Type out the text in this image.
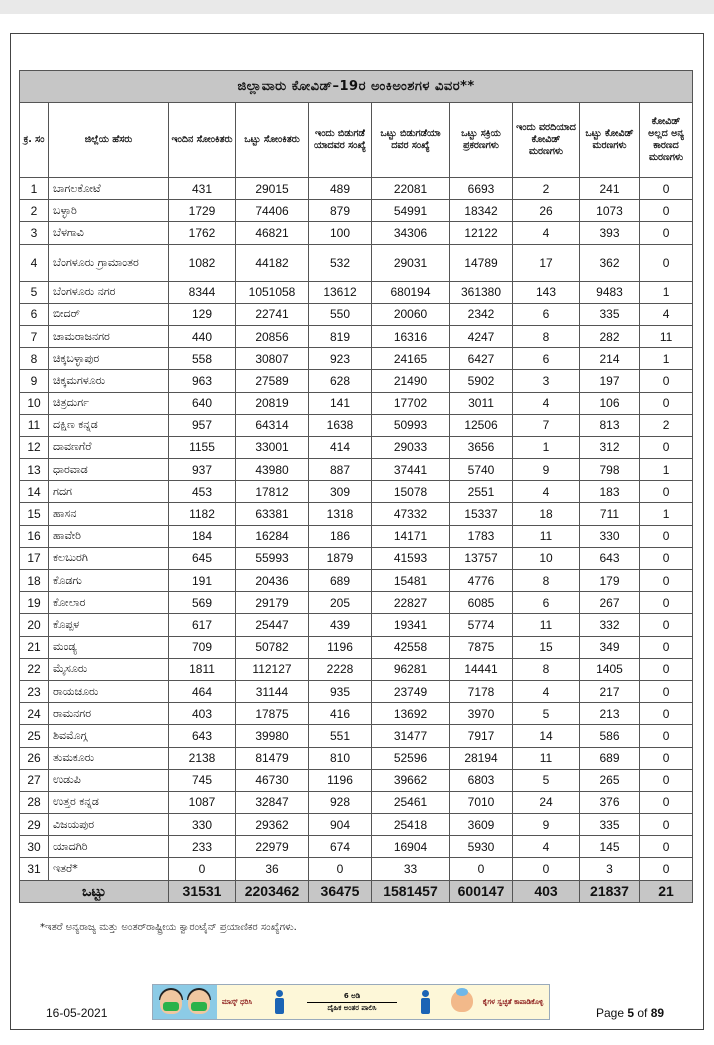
ಜಿಲ್ಲಾವಾರು ಕೋವಿಡ್‌–19ರ ಅಂಕಿಅಂಶಗಳ ವಿವರ**									
ಕ್ರ. ಸಂ	ಜಿಲ್ಲೆಯ ಹೆಸರು	ಇಂದಿನ ಸೋಂಕಿತರು	ಒಟ್ಟು ಸೋಂಕಿತರು	ಇಂದು ಬಿಡುಗಡೆ ಯಾದವರ ಸಂಖ್ಯೆ	ಒಟ್ಟು ಬಿಡುಗಡೆಯಾ ದವರ ಸಂಖ್ಯೆ	ಒಟ್ಟು ಸಕ್ರಿಯ ಪ್ರಕರಣಗಳು	ಇಂದು ವರದಿಯಾದ ಕೋವಿಡ್ ಮರಣಗಳು	ಒಟ್ಟು ಕೋವಿಡ್ ಮರಣಗಳು	ಕೋವಿಡ್ ಅಲ್ಲದ ಅನ್ಯ ಕಾರಣದ ಮರಣಗಳು
1	ಬಾಗಲಕೋಟೆ	431	29015	489	22081	6693	2	241	0
2	ಬಳ್ಳಾರಿ	1729	74406	879	54991	18342	26	1073	0
3	ಬೆಳಗಾವಿ	1762	46821	100	34306	12122	4	393	0
4	ಬೆಂಗಳೂರು ಗ್ರಾಮಾಂತರ	1082	44182	532	29031	14789	17	362	0
5	ಬೆಂಗಳೂರು ನಗರ	8344	1051058	13612	680194	361380	143	9483	1
6	ಬೀದರ್	129	22741	550	20060	2342	6	335	4
7	ಚಾಮರಾಜನಗರ	440	20856	819	16316	4247	8	282	11
8	ಚಿಕ್ಕಬಳ್ಳಾಪುರ	558	30807	923	24165	6427	6	214	1
9	ಚಿಕ್ಕಮಗಳೂರು	963	27589	628	21490	5902	3	197	0
10	ಚಿತ್ರದುರ್ಗ	640	20819	141	17702	3011	4	106	0
11	ದಕ್ಷಿಣ ಕನ್ನಡ	957	64314	1638	50993	12506	7	813	2
12	ದಾವಣಗೆರೆ	1155	33001	414	29033	3656	1	312	0
13	ಧಾರವಾಡ	937	43980	887	37441	5740	9	798	1
14	ಗದಗ	453	17812	309	15078	2551	4	183	0
15	ಹಾಸನ	1182	63381	1318	47332	15337	18	711	1
16	ಹಾವೇರಿ	184	16284	186	14171	1783	11	330	0
17	ಕಲಬುರಗಿ	645	55993	1879	41593	13757	10	643	0
18	ಕೊಡಗು	191	20436	689	15481	4776	8	179	0
19	ಕೋಲಾರ	569	29179	205	22827	6085	6	267	0
20	ಕೊಪ್ಪಳ	617	25447	439	19341	5774	11	332	0
21	ಮಂಡ್ಯ	709	50782	1196	42558	7875	15	349	0
22	ಮೈಸೂರು	1811	112127	2228	96281	14441	8	1405	0
23	ರಾಯಚೂರು	464	31144	935	23749	7178	4	217	0
24	ರಾಮನಗರ	403	17875	416	13692	3970	5	213	0
25	ಶಿವಮೊಗ್ಗ	643	39980	551	31477	7917	14	586	0
26	ತುಮಕೂರು	2138	81479	810	52596	28194	11	689	0
27	ಉಡುಪಿ	745	46730	1196	39662	6803	5	265	0
28	ಉತ್ತರ ಕನ್ನಡ	1087	32847	928	25461	7010	24	376	0
29	ವಿಜಯಪುರ	330	29362	904	25418	3609	9	335	0
30	ಯಾದಗಿರಿ	233	22979	674	16904	5930	4	145	0
31	ಇತರೆ*	0	36	0	33	0	0	3	0
ಒಟ್ಟು		31531	2203462	36475	1581457	600147	403	21837	21
*ಇತರೆ ಅನ್ಯರಾಜ್ಯ ಮತ್ತು ಅಂತರ್‌ರಾಷ್ಟ್ರೀಯ ಕ್ವಾರಂಟೈನ್ ಪ್ರಯಾಣಿಕರ ಸಂಖ್ಯೆಗಳು.
ಮಾಸ್ಕ್ ಧರಿಸಿ
6 ಅಡಿ
ದೈಹಿಕ ಅಂತರ ಪಾಲಿಸಿ
ಕೈಗಳ ಸ್ವಚ್ಛತೆ ಕಾಪಾಡಿಕೊಳ್ಳಿ
16-05-2021	Page 5 of 89
